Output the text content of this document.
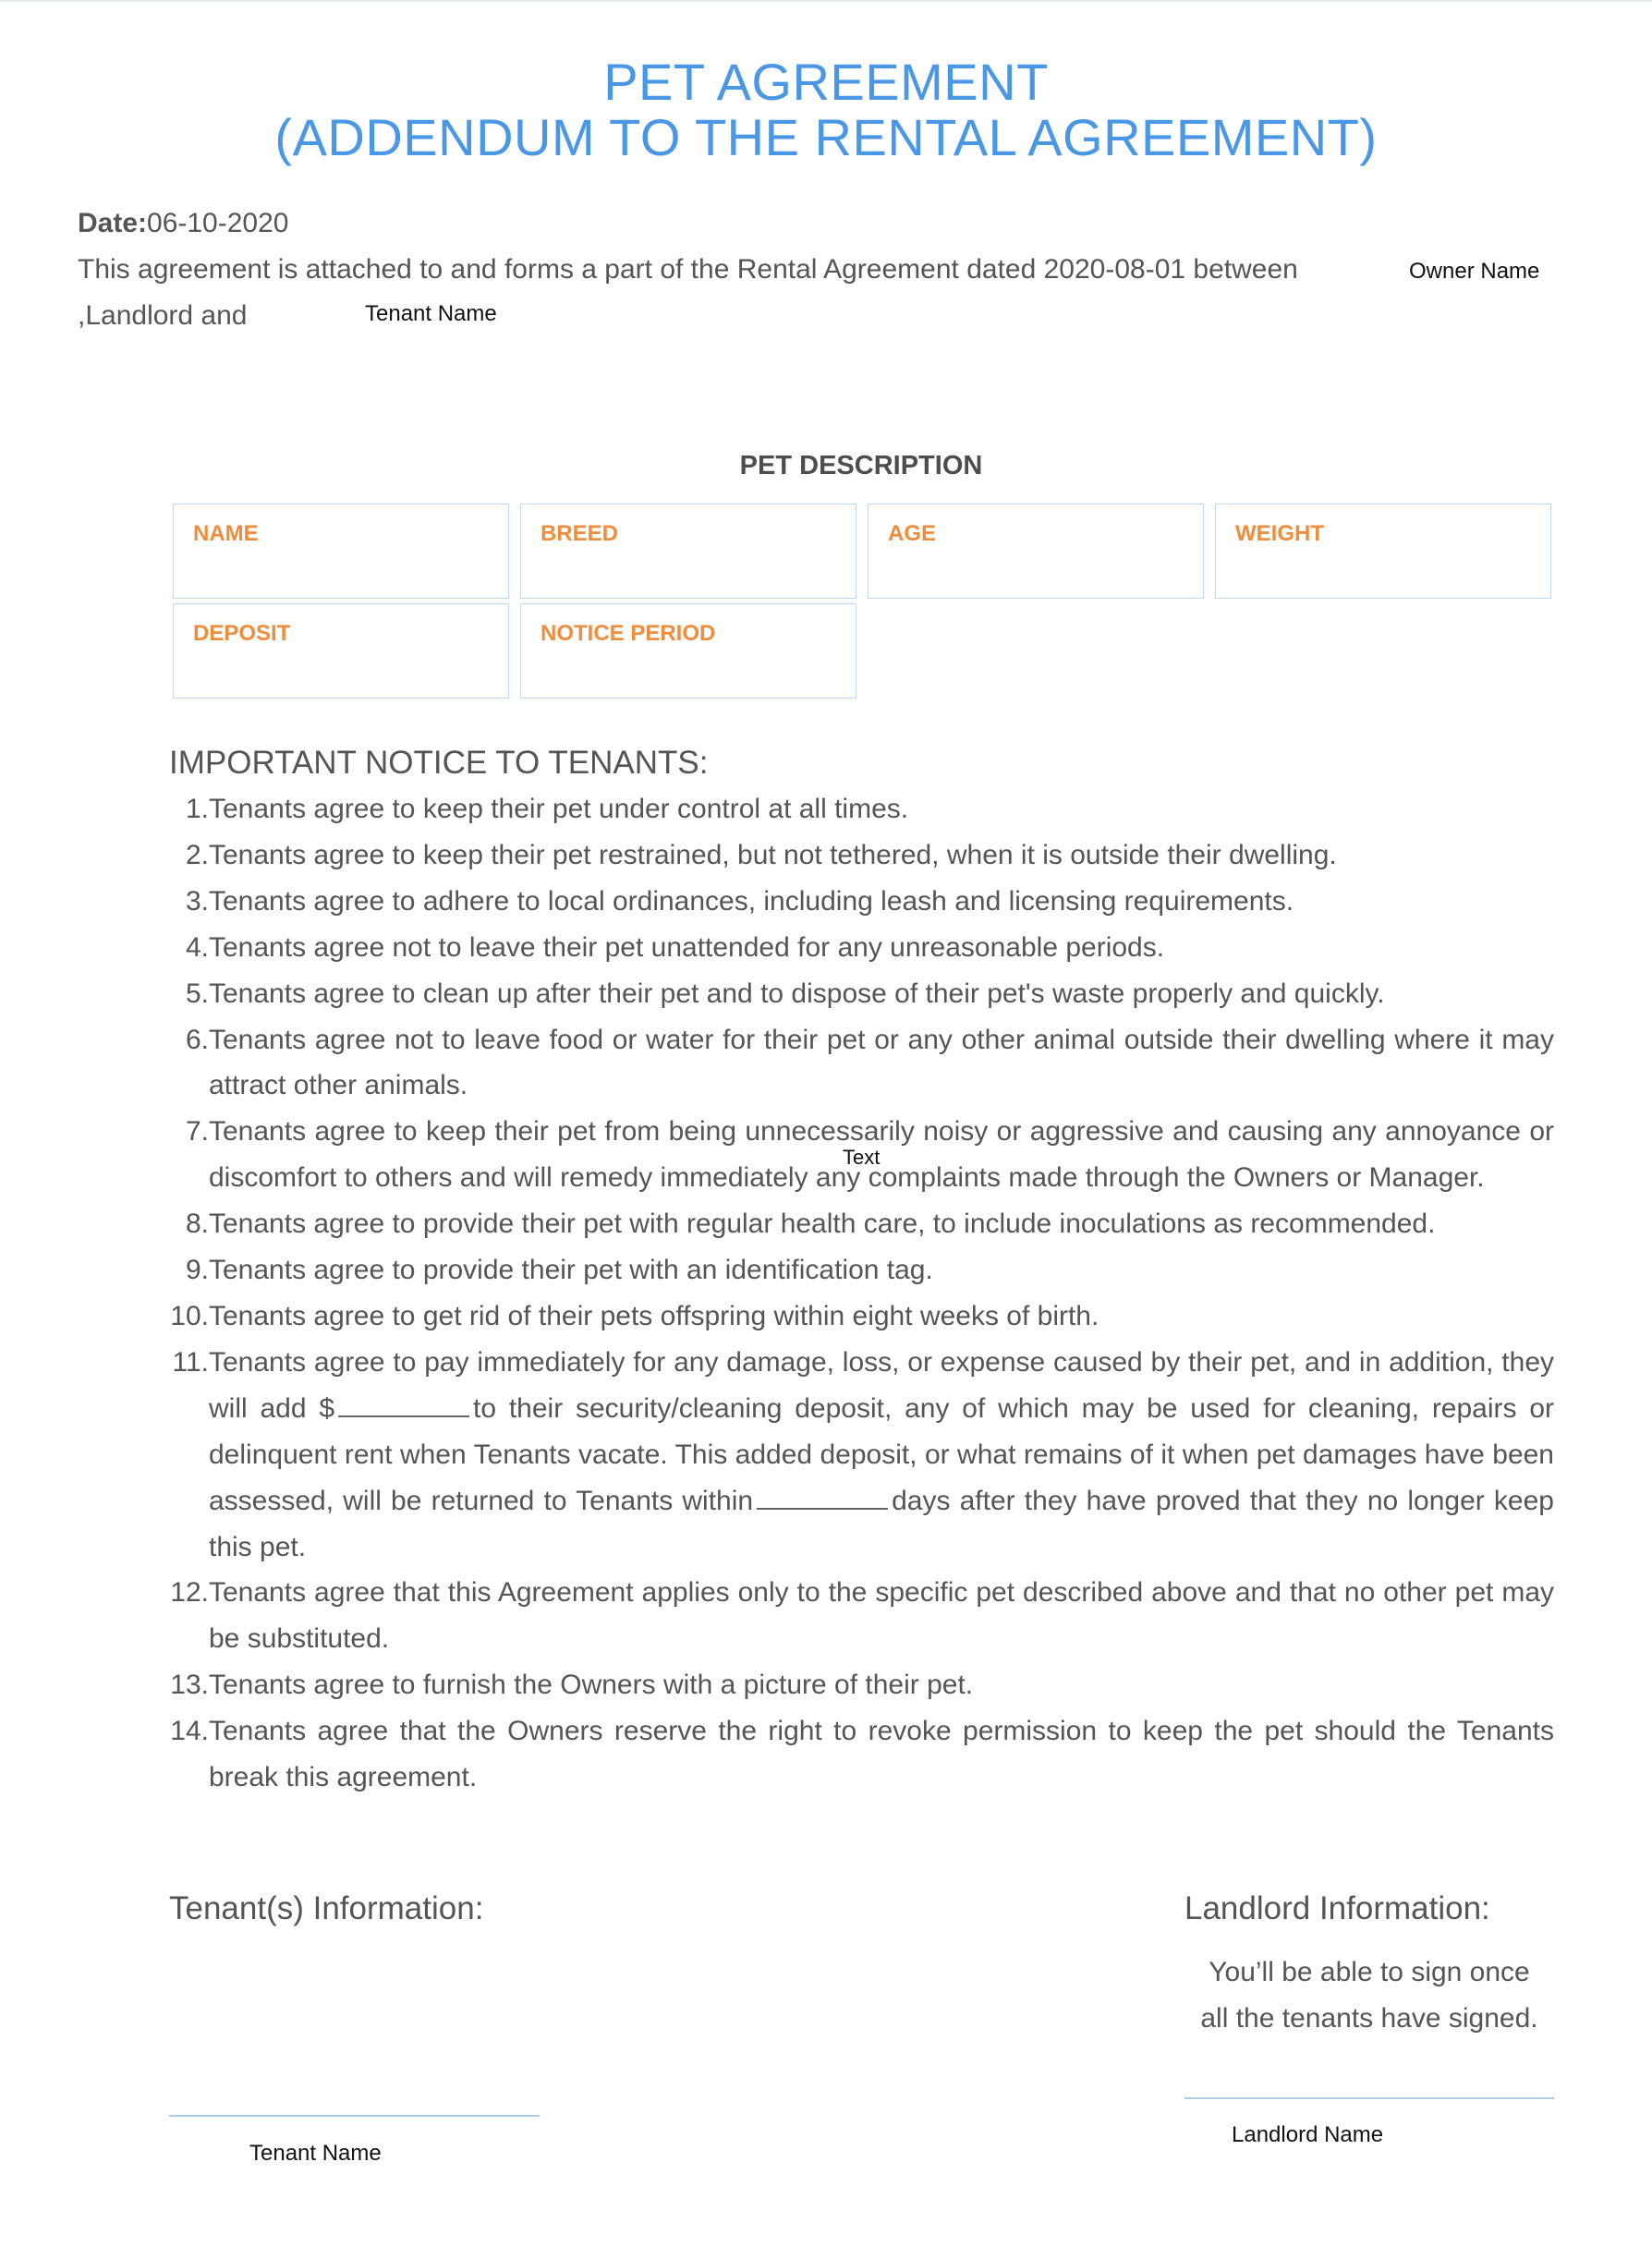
PET AGREEMENT
(ADDENDUM TO THE RENTAL AGREEMENT)
Date:06-10-2020
This agreement is attached to and forms a part of the Rental Agreement dated 2020-08-01 between	Owner Name
,Landlord and	Tenant Name
PET DESCRIPTION
NAME	BREED	AGE	WEIGHT
DEPOSIT	NOTICE PERIOD
IMPORTANT NOTICE TO TENANTS:
1. Tenants agree to keep their pet under control at all times.
2. Tenants agree to keep their pet restrained, but not tethered, when it is outside their dwelling.
3. Tenants agree to adhere to local ordinances, including leash and licensing requirements.
4. Tenants agree not to leave their pet unattended for any unreasonable periods.
5. Tenants agree to clean up after their pet and to dispose of their pet's waste properly and quickly.
6. Tenants agree not to leave food or water for their pet or any other animal outside their dwelling where it may attract other animals.
7. Tenants agree to keep their pet from being unnecessarily noisy or aggressive and causing any annoyance or discomfort to others and will remedy immediately any complaints made through the Owners or Manager.
8. Tenants agree to provide their pet with regular health care, to include inoculations as recommended.
9. Tenants agree to provide their pet with an identification tag.
10. Tenants agree to get rid of their pets offspring within eight weeks of birth.
11. Tenants agree to pay immediately for any damage, loss, or expense caused by their pet, and in addition, they will add $	to their security/cleaning deposit, any of which may be used for cleaning, repairs or delinquent rent when Tenants vacate. This added deposit, or what remains of it when pet damages have been assessed, will be returned to Tenants within	days after they have proved that they no longer keep this pet.
12. Tenants agree that this Agreement applies only to the specific pet described above and that no other pet may be substituted.
13. Tenants agree to furnish the Owners with a picture of their pet.
14. Tenants agree that the Owners reserve the right to revoke permission to keep the pet should the Tenants break this agreement.
Text
Tenant(s) Information:	Landlord Information:
You’ll be able to sign once
all the tenants have signed.
Tenant Name
Landlord Name
